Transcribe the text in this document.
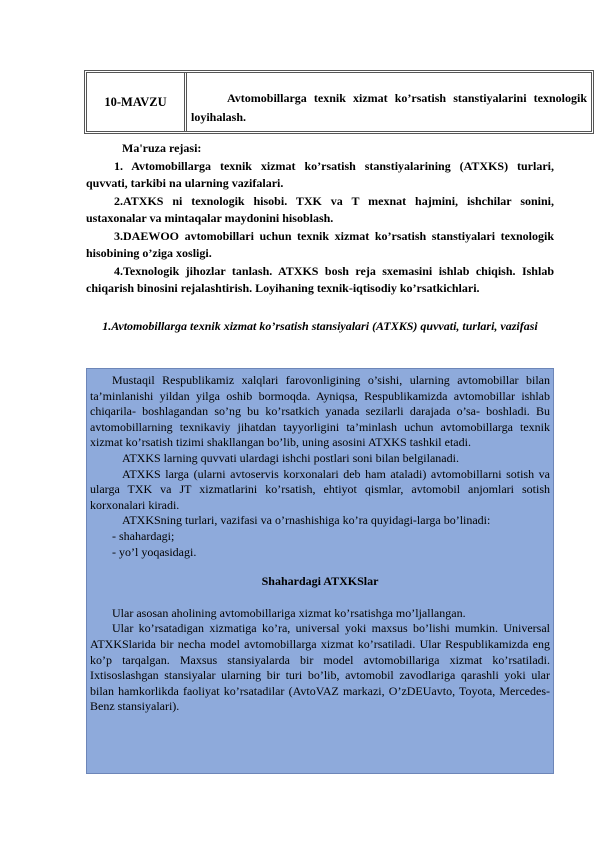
10-MAVZU	Avtomobillarga texnik xizmat ko’rsatish stanstiyalarini texnologik loyihalash.

Ma'ruza rejasi:

1. Avtomobillarga texnik xizmat ko’rsatish stanstiyalarining (ATXKS) turlari, quvvati, tarkibi na ularning vazifalari.

2.ATXKS ni texnologik hisobi. TXK va T mexnat hajmini, ishchilar sonini, ustaxonalar va mintaqalar maydonini hisoblash.

3.DAEWOO avtomobillari uchun texnik xizmat ko’rsatish stanstiyalari texnologik hisobining o’ziga xosligi.

4.Texnologik jihozlar tanlash. ATXKS bosh reja sxemasini ishlab chiqish. Ishlab chiqarish binosini rejalashtirish. Loyihaning texnik-iqtisodiy ko’rsatkichlari.

1.Avtomobillarga texnik xizmat ko’rsatish stansiyalari (ATXKS) quvvati, turlari, vazifasi

Mustaqil Respublikamiz xalqlari farovonligining o’sishi, ularning avtomobillar bilan ta’minlanishi yildan yilga oshib bormoqda. Ayniqsa, Respublikamizda avtomobillar ishlab chiqarila- boshlagandan so’ng bu ko’rsatkich yanada sezilarli darajada o’sa- boshladi. Bu avtomobillarning texnikaviy jihatdan tayyorligini ta’minlash uchun avtomobillarga texnik xizmat ko’rsatish tizimi shakllangan bo’lib, uning asosini ATXKS tashkil etadi.

ATXKS larning quvvati ulardagi ishchi postlari soni bilan belgilanadi.

ATXKS larga (ularni avtoservis korxonalari deb ham ataladi) avtomobillarni sotish va ularga TXK va JT xizmatlarini ko’rsatish, ehtiyot qismlar, avtomobil anjomlari sotish korxonalari kiradi.

ATXKSning turlari, vazifasi va o’rnashishiga ko’ra quyidagi-larga bo’linadi:

- shahardagi;

- yo’l yoqasidagi.

Shahardagi ATXKSlar

Ular asosan aholining avtomobillariga xizmat ko’rsatishga mo’ljallangan.

Ular ko’rsatadigan xizmatiga ko’ra, universal yoki maxsus bo’lishi mumkin. Universal ATXKSlarida bir necha model avtomobillarga xizmat ko’rsatiladi. Ular Respublikamizda eng ko’p tarqalgan. Maxsus stansiyalarda bir model avtomobillariga xizmat ko’rsatiladi. Ixtisoslashgan stansiyalar ularning bir turi bo’lib, avtomobil zavodlariga qarashli yoki ular bilan hamkorlikda faoliyat ko’rsatadilar (AvtoVAZ markazi, O’zDEUavto, Toyota, Mercedes-Benz stansiyalari).
